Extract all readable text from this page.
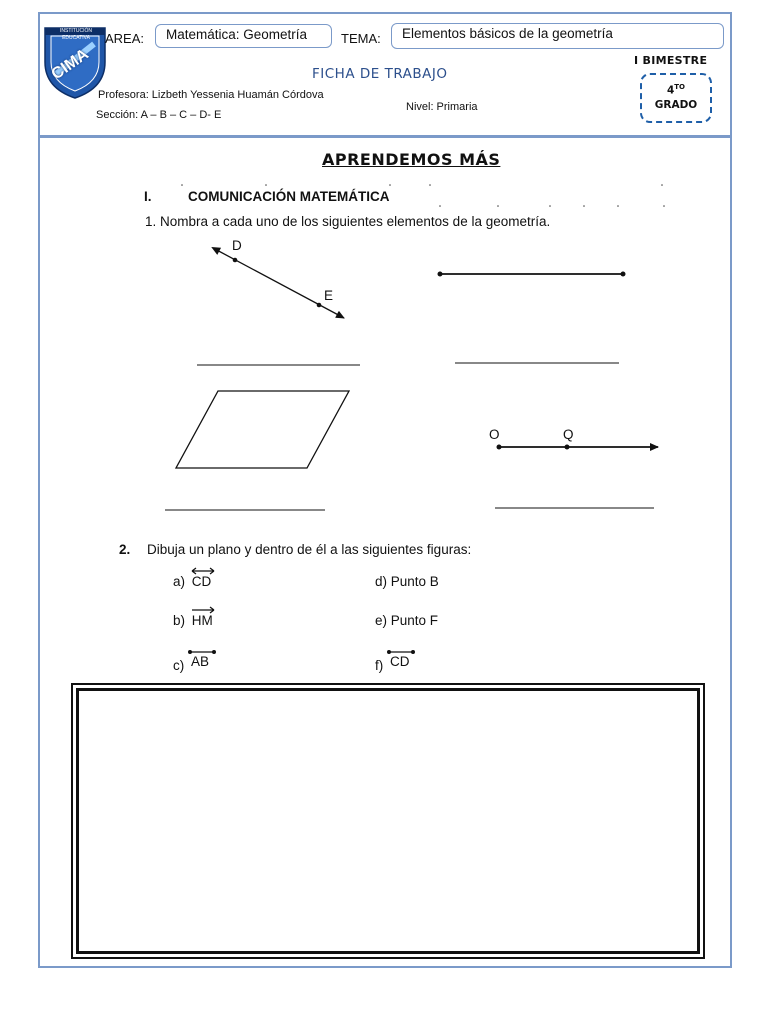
INSTITUCIÓN EDUCATIVA
CIMA
AREA:	Matemática: Geometría	TEMA:	Elementos básicos de la geometría
FICHA DE TRABAJO
Profesora: Lizbeth Yessenia Huamán Córdova
Sección: A – B – C – D- E
Nivel: Primaria
I BIMESTRE
$4^{TO}$
GRADO
APRENDEMOS MÁS
I.	COMUNICACIÓN MATEMÁTICA
1. Nombra a cada uno de los siguientes elementos de la geometría.
D
E
O	Q
2. Dibuja un plano y dentro de él a las siguientes figuras:
a) CD	d) Punto B
b) HM	e) Punto F
c) AB	f) CD
